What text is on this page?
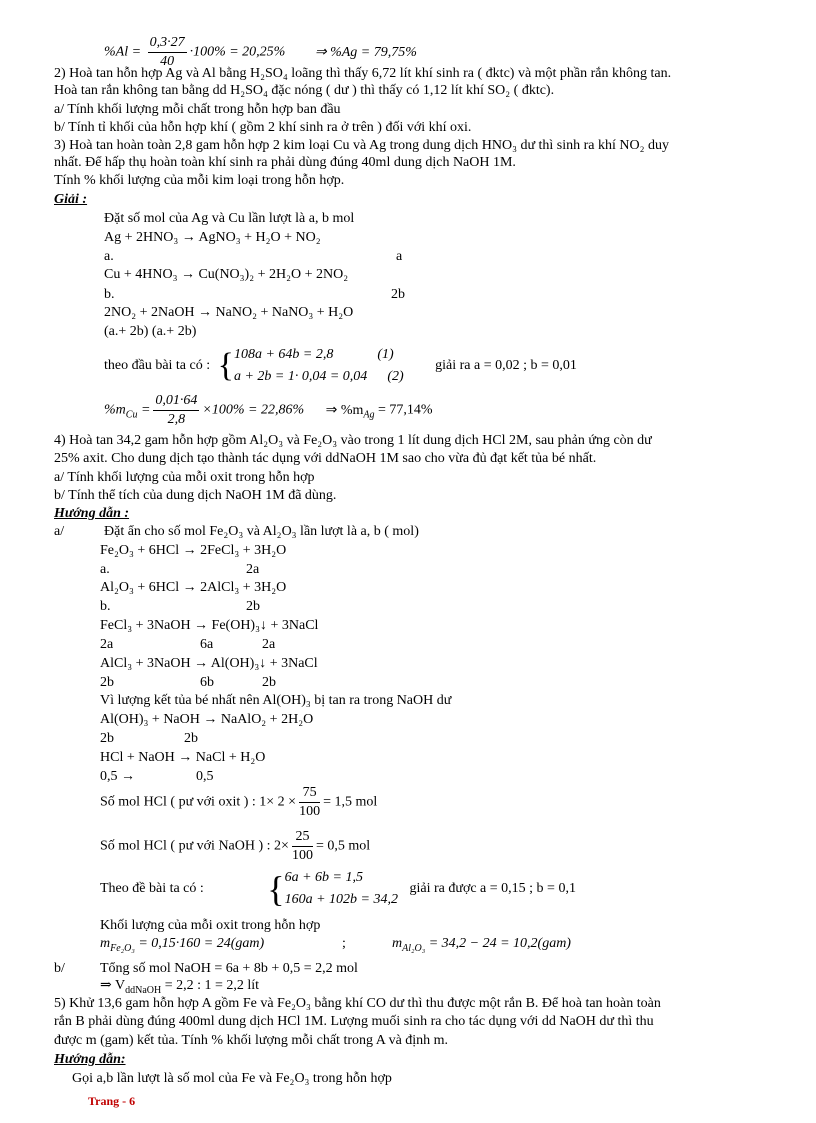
$\%Al = \frac{0,3\cdot 27}{40} \cdot 100\% = 20,25\%$ ⇒ %Ag = 79,75%
2) Hoà tan hỗn hợp Ag và Al bằng H₂SO₄ loãng thì thấy 6,72 lít khí sinh ra ( đktc) và một phần rắn không tan.
Hoà tan rắn không tan bằng dd H₂SO₄ đặc nóng ( dư ) thì thấy có 1,12 lít khí SO₂ ( đktc).
a/ Tính khối lượng mỗi chất trong hỗn hợp ban đầu
b/ Tính tỉ khối của hỗn hợp khí ( gồm 2 khí sinh ra ở trên ) đối với khí oxi.
3) Hoà tan hoàn toàn 2,8 gam hỗn hợp 2 kim loại Cu và Ag trong dung dịch HNO₃ dư thì sinh ra khí NO₂ duy
nhất. Để hấp thụ hoàn toàn khí sinh ra phải dùng đúng 40ml dung dịch NaOH 1M.
Tính % khối lượng của mỗi kim loại trong hỗn hợp.
Giải :
Đặt số mol của Ag và Cu lần lượt là a, b mol
Ag + 2HNO₃ → AgNO₃ + H₂O + NO₂
a.	a
Cu + 4HNO₃ → Cu(NO₃)₂ + 2H₂O + 2NO₂
b.	2b
2NO₂ + 2NaOH → NaNO₂ + NaNO₃ + H₂O
(a.+ 2b) (a.+ 2b)
theo đầu bài ta có : { 108a + 64b = 2,8	(1)
a + 2b = 1· 0,04 = 0,04 (2)
giải ra a = 0,02 ; b = 0,01
$\%m_{Cu} = \frac{0,01\cdot 64}{2,8} \times 100\% = 22,86\%$ ⇒ $\%m_{Ag} = 77,14\%$
4) Hoà tan 34,2 gam hỗn hợp gồm Al₂O₃ và Fe₂O₃ vào trong 1 lít dung dịch HCl 2M, sau phản ứng còn dư
25% axit. Cho dung dịch tạo thành tác dụng với ddNaOH 1M sao cho vừa đủ đạt kết tủa bé nhất.
a/ Tính khối lượng của mỗi oxit trong hỗn hợp
b/ Tính thể tích của dung dịch NaOH 1M đã dùng.
Hướng dẫn :
a/	Đặt ẩn cho số mol Fe₂O₃ và Al₂O₃ lần lượt là a, b ( mol)
Fe₂O₃ + 6HCl → 2FeCl₃ + 3H₂O
a.	2a
Al₂O₃ + 6HCl → 2AlCl₃ + 3H₂O
b.	2b
FeCl₃ + 3NaOH → Fe(OH)₃↓ + 3NaCl
2a	6a	2a
AlCl₃ + 3NaOH → Al(OH)₃↓ + 3NaCl
2b	6b	2b
Vì lượng kết tủa bé nhất nên Al(OH)₃ bị tan ra trong NaOH dư
Al(OH)₃ + NaOH → NaAlO₂ + 2H₂O
2b	2b
HCl + NaOH → NaCl + H₂O
0,5 →	0,5
Số mol HCl ( pư với oxit ) : $1\times 2 \times \frac{75}{100} = 1,5$ mol
Số mol HCl ( pư với NaOH ) : $2\times \frac{25}{100} = 0,5$ mol
Theo đề bài ta có : { 6a + 6b = 1,5
160a + 102b = 34,2
giải ra được a = 0,15 ; b = 0,1
Khối lượng của mỗi oxit trong hỗn hợp
$m_{Fe_2O_3} = 0,15\cdot 160 = 24(gam)$	;	$m_{Al_2O_3} = 34,2 - 24 = 10,2(gam)$
b/	Tổng số mol NaOH = 6a + 8b + 0,5 = 2,2 mol
⇒ $V_{ddNaOH} = 2,2$ : 1 = 2,2 lít
5) Khử 13,6 gam hỗn hợp A gồm Fe và Fe₂O₃ bằng khí CO dư thì thu được một rắn B. Để hoà tan hoàn toàn
rắn B phải dùng đúng 400ml dung dịch HCl 1M. Lượng muối sinh ra cho tác dụng với dd NaOH dư thì thu
được m (gam) kết tủa. Tính % khối lượng mỗi chất trong A và định m.
Hướng dẫn:
Gọi a,b lần lượt là số mol của Fe và Fe₂O₃ trong hỗn hợp
Trang - 6
